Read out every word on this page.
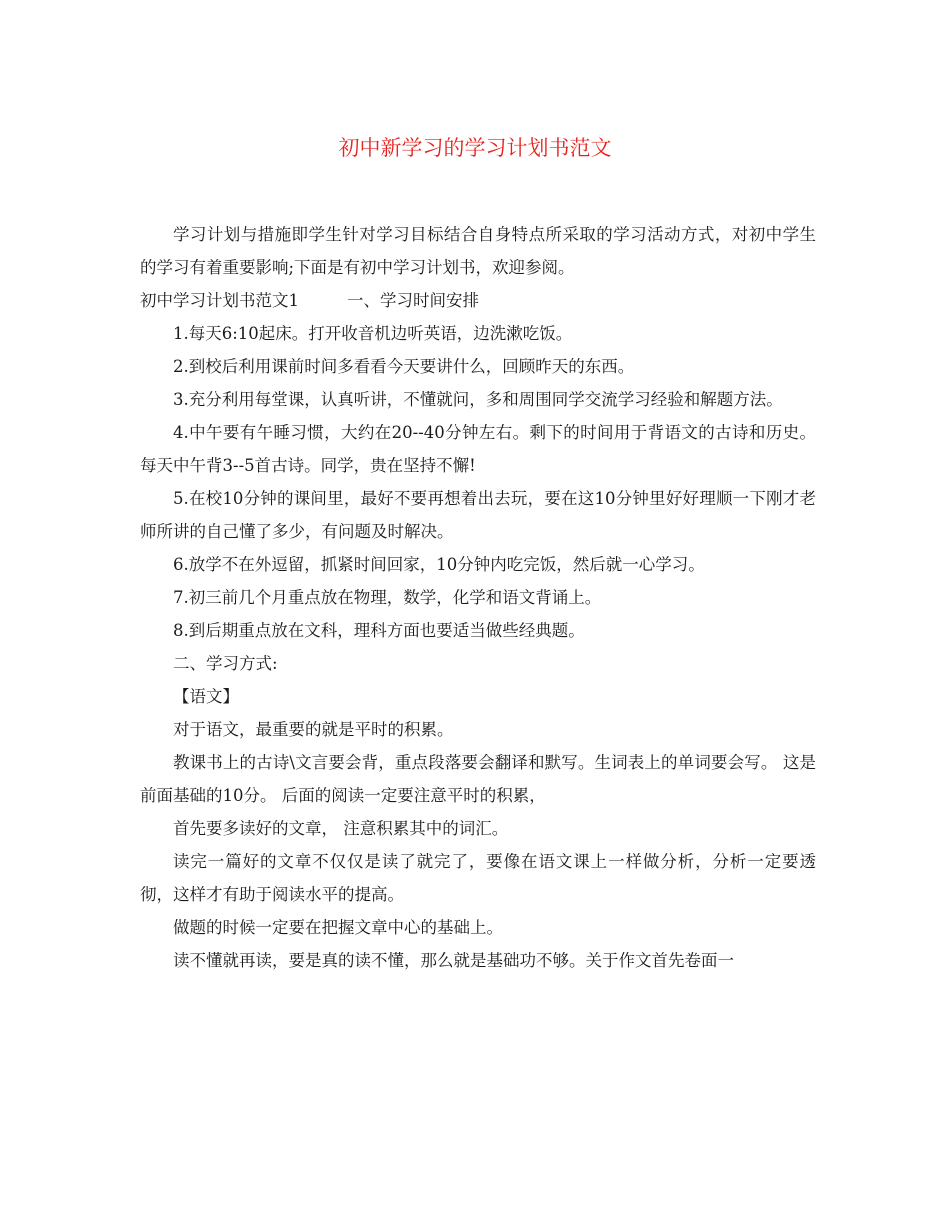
初中新学习的学习计划书范文

学习计划与措施即学生针对学习目标结合自身特点所采取的学习活动方式，对初中学生的学习有着重要影响;下面是有初中学习计划书，欢迎参阅。

初中学习计划书范文1	一、学习时间安排

1.每天6:10起床。打开收音机边听英语，边洗漱吃饭。

2.到校后利用课前时间多看看今天要讲什么，回顾昨天的东西。

3.充分利用每堂课，认真听讲，不懂就问，多和周围同学交流学习经验和解题方法。

4.中午要有午睡习惯，大约在20--40分钟左右。剩下的时间用于背语文的古诗和历史。每天中午背3--5首古诗。同学，贵在坚持不懈!

5.在校10分钟的课间里，最好不要再想着出去玩，要在这10分钟里好好理顺一下刚才老师所讲的自己懂了多少，有问题及时解决。

6.放学不在外逗留，抓紧时间回家，10分钟内吃完饭，然后就一心学习。

7.初三前几个月重点放在物理，数学，化学和语文背诵上。

8.到后期重点放在文科，理科方面也要适当做些经典题。

二、学习方式:

【语文】

对于语文，最重要的就是平时的积累。

教课书上的古诗\文言要会背，重点段落要会翻译和默写。生词表上的单词要会写。 这是前面基础的10分。 后面的阅读一定要注意平时的积累，

首先要多读好的文章， 注意积累其中的词汇。

读完一篇好的文章不仅仅是读了就完了，要像在语文课上一样做分析，分析一定要透彻，这样才有助于阅读水平的提高。

做题的时候一定要在把握文章中心的基础上。

读不懂就再读，要是真的读不懂，那么就是基础功不够。关于作文首先卷面一
